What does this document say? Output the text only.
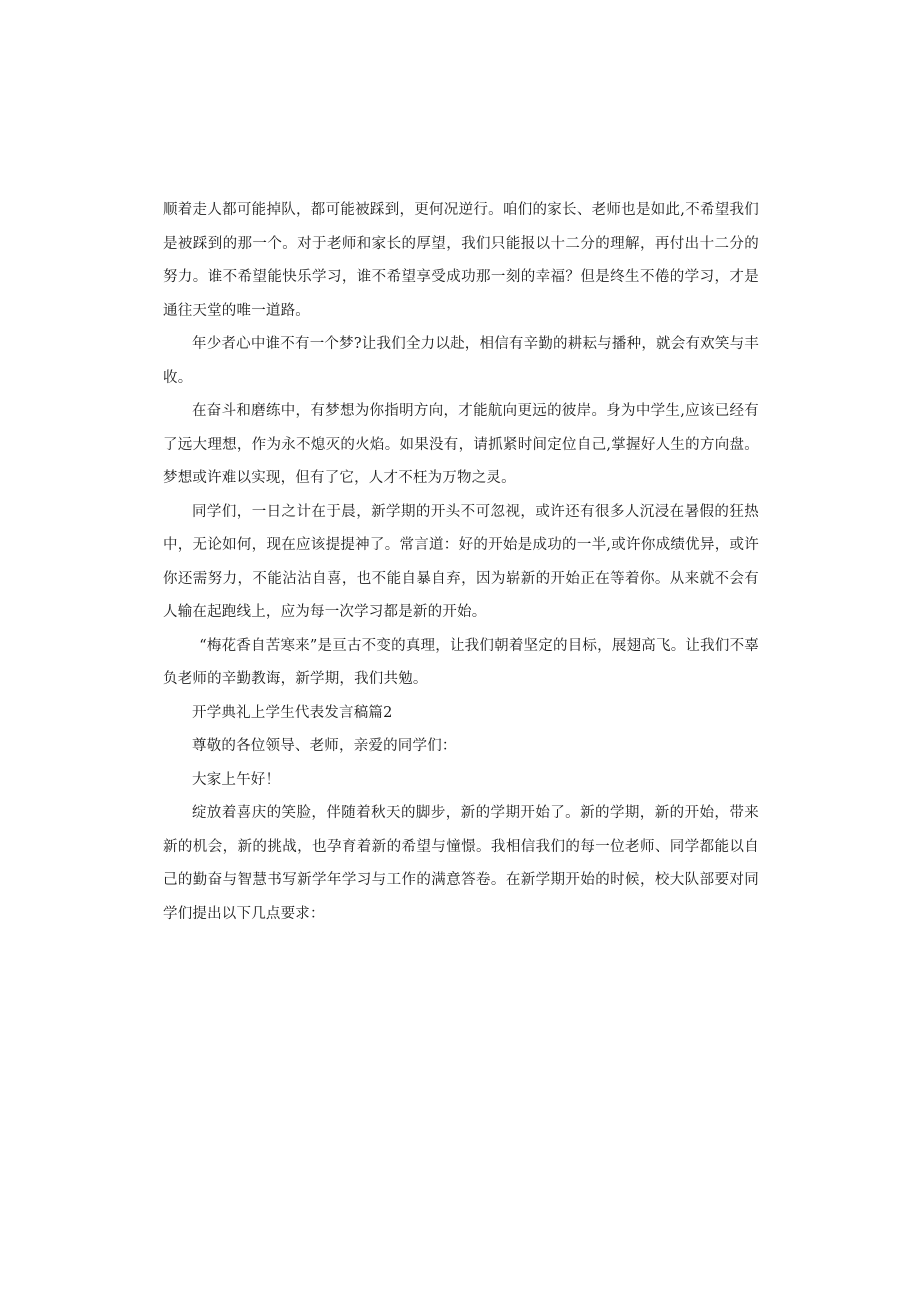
顺着走人都可能掉队，都可能被踩到，更何况逆行。咱们的家长、老师也是如此,不希望我们是被踩到的那一个。对于老师和家长的厚望，我们只能报以十二分的理解，再付出十二分的努力。谁不希望能快乐学习，谁不希望享受成功那一刻的幸福？但是终生不倦的学习，才是通往天堂的唯一道路。

年少者心中谁不有一个梦?让我们全力以赴，相信有辛勤的耕耘与播种，就会有欢笑与丰收。

在奋斗和磨练中，有梦想为你指明方向，才能航向更远的彼岸。身为中学生,应该已经有了远大理想，作为永不熄灭的火焰。如果没有，请抓紧时间定位自己,掌握好人生的方向盘。梦想或许难以实现，但有了它，人才不枉为万物之灵。

同学们，一日之计在于晨，新学期的开头不可忽视，或许还有很多人沉浸在暑假的狂热中，无论如何，现在应该提提神了。常言道：好的开始是成功的一半,或许你成绩优异，或许你还需努力，不能沾沾自喜，也不能自暴自弃，因为崭新的开始正在等着你。从来就不会有人输在起跑线上，应为每一次学习都是新的开始。

“梅花香自苦寒来”是亘古不变的真理，让我们朝着坚定的目标，展翅高飞。让我们不辜负老师的辛勤教诲，新学期，我们共勉。

开学典礼上学生代表发言稿篇2

尊敬的各位领导、老师，亲爱的同学们：

大家上午好！

绽放着喜庆的笑脸，伴随着秋天的脚步，新的学期开始了。新的学期，新的开始，带来新的机会，新的挑战，也孕育着新的希望与憧憬。我相信我们的每一位老师、同学都能以自己的勤奋与智慧书写新学年学习与工作的满意答卷。在新学期开始的时候，校大队部要对同学们提出以下几点要求：
